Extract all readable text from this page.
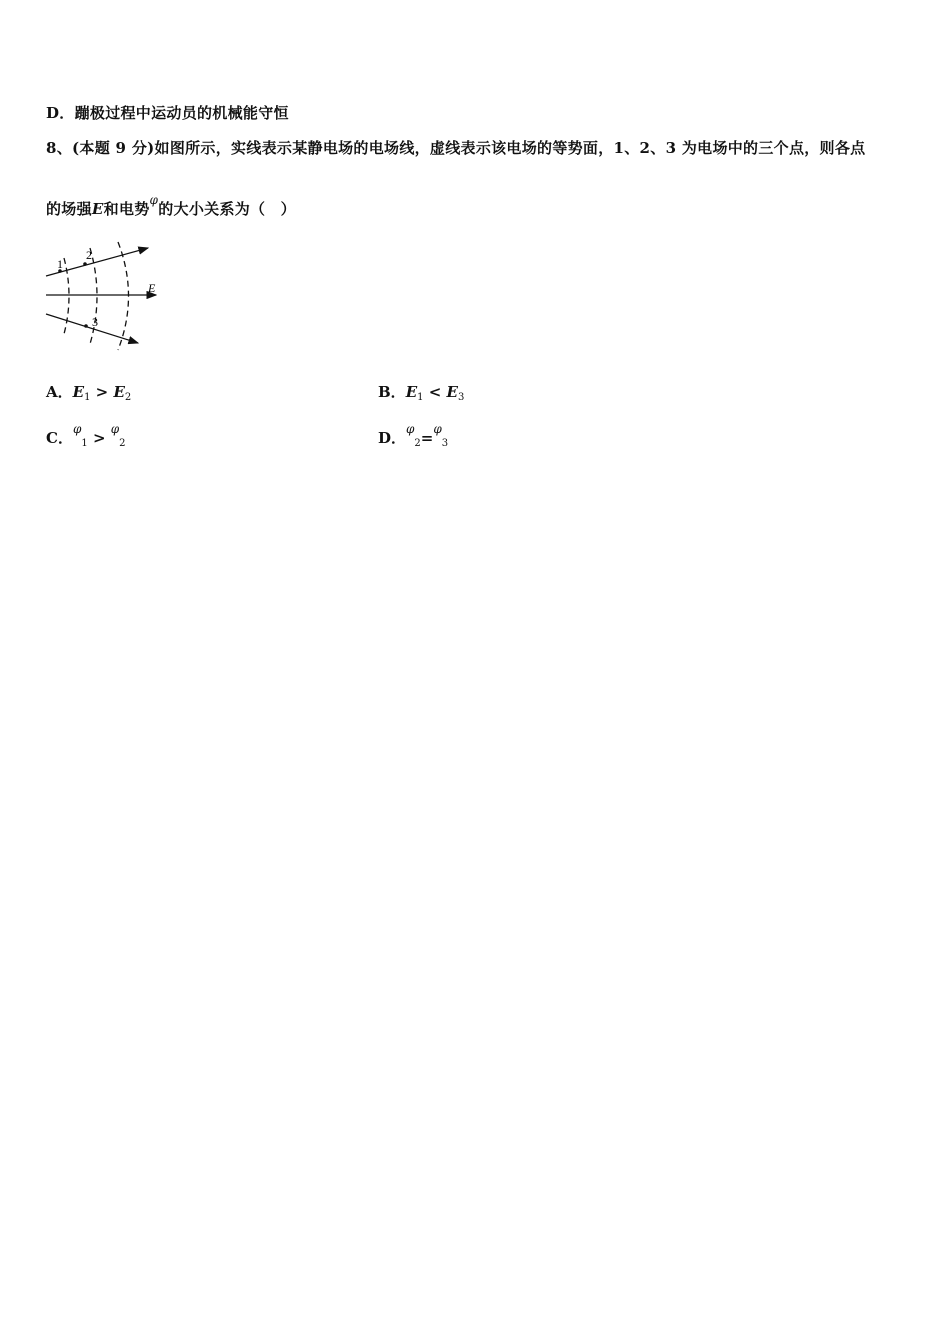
D．蹦极过程中运动员的机械能守恒
8、(本题 9 分)如图所示，实线表示某静电场的电场线，虚线表示该电场的等势面，1、2、3 为电场中的三个点，则各点
的场强E和电势$^\varphi$的大小关系为（　）
1
2
3
E
A．$E_1 > E_2$	B．$E_1 < E_3$
C．$^\varphi_1$ > $^\varphi_2$	D．$^\varphi_2$=$^\varphi_3$
